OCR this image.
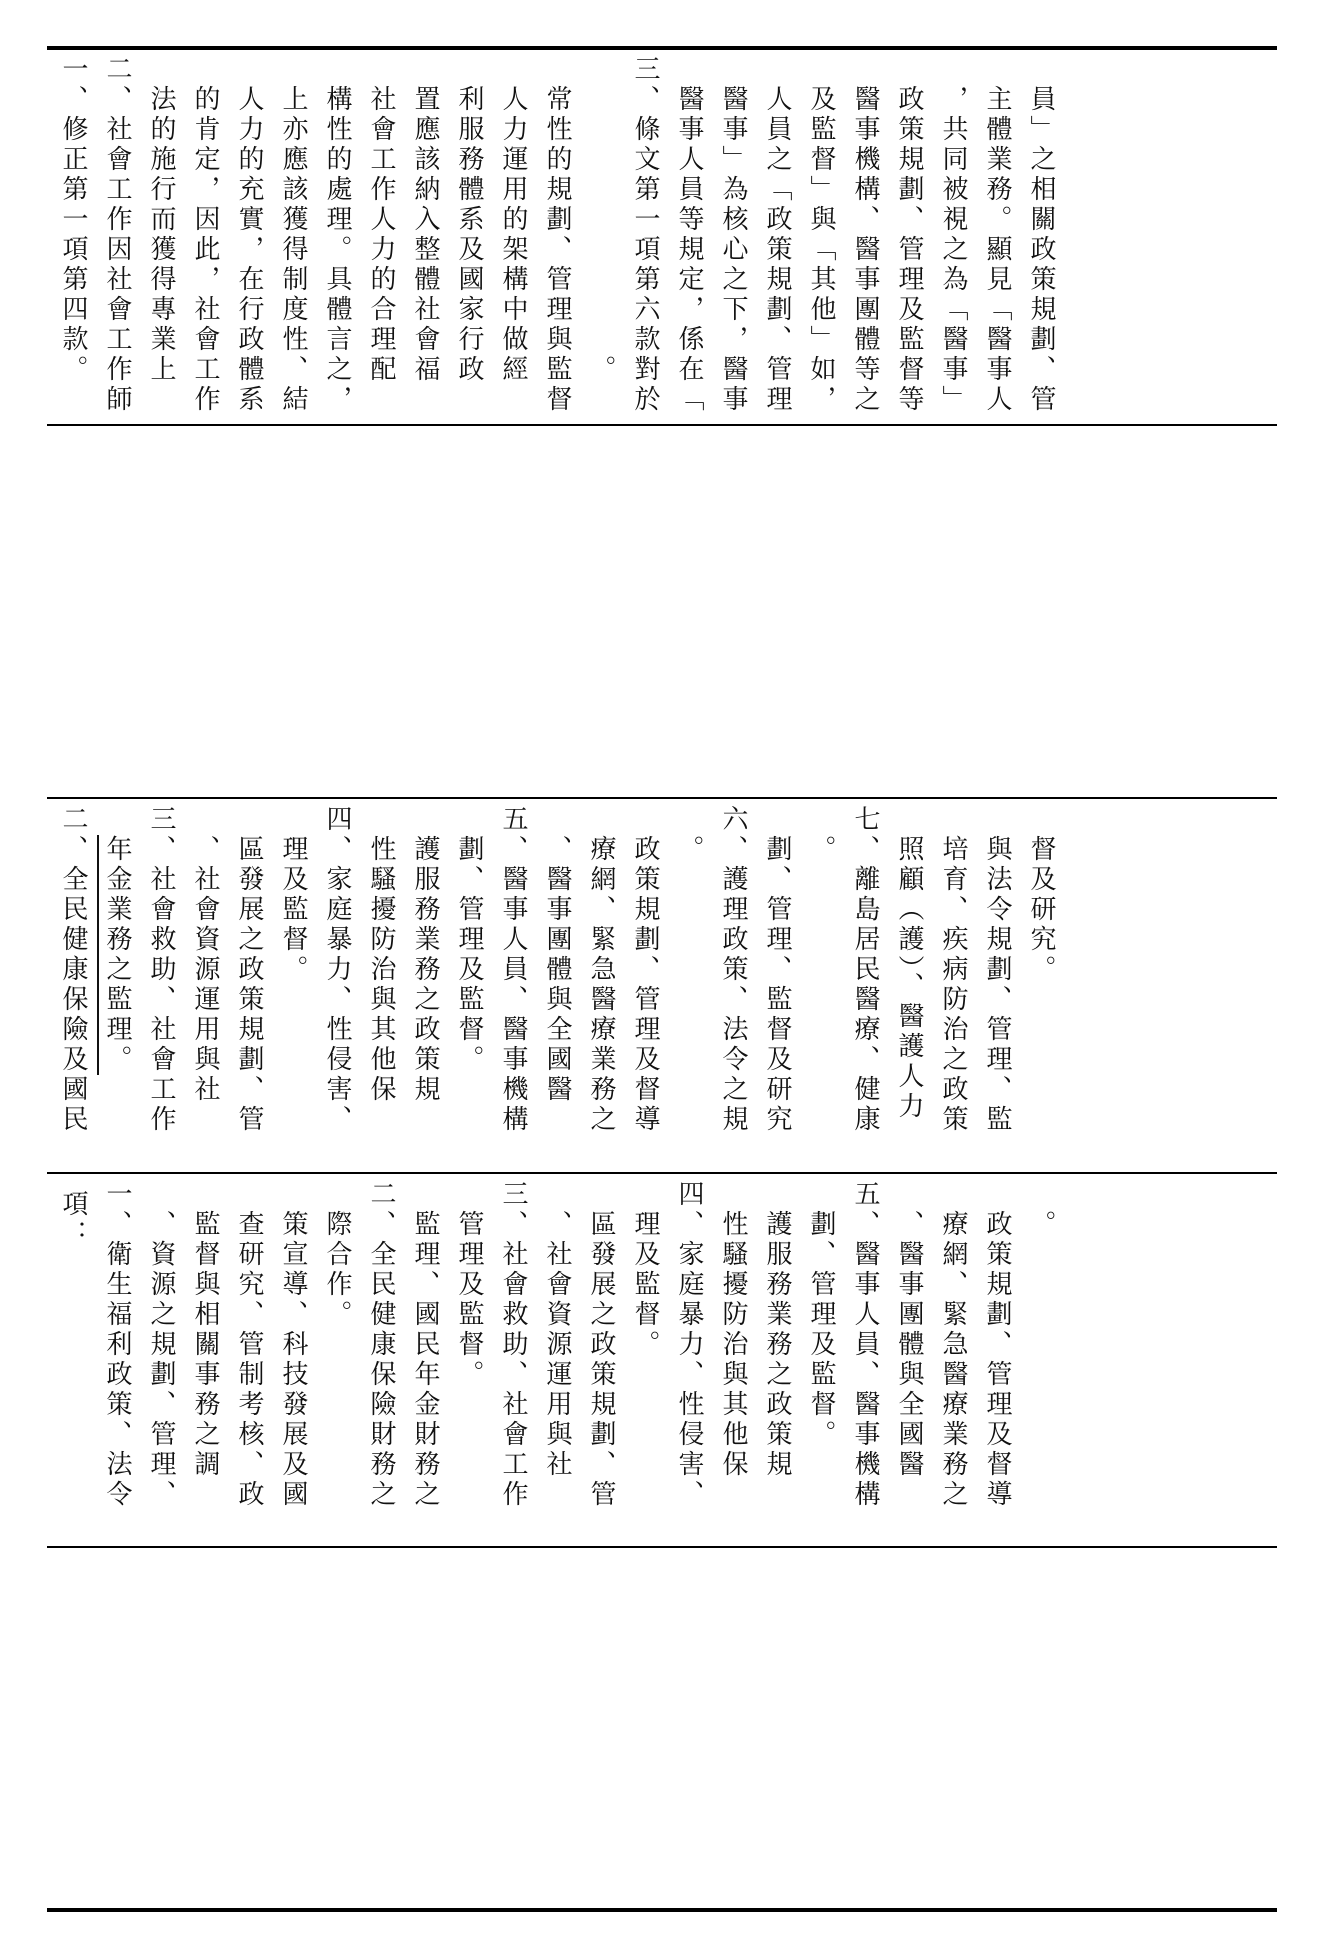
一、修正第一項第四款。 二、社會工作因社會工作師 法的施行而獲得專業上 的肯定，因此，社會工作 人力的充實，在行政體系 上亦應該獲得制度性、結 構性的處理。具體言之， 社會工作人力的合理配 置應該納入整體社會福 利服務體系及國家行政 人力運用的架構中做經 常性的規劃、管理與監督 。 三、條文第一項第六款對於 醫事人員等規定，係在「 醫事」為核心之下，醫事 人員之「政策規劃、管理 及監督」與「其他」如， 醫事機構、醫事團體等之 政策規劃、管理及監督等 ，共同被視之為「醫事」 主體業務。顯見「醫事人 員」之相關政策規劃、管
二、全民健康保險及國民 年金業務之監理。 三、社會救助、社會工作 、社會資源運用與社 區發展之政策規劃、管 理及監督。 四、家庭暴力、性侵害、 性騷擾防治與其他保 護服務業務之政策規 劃、管理及監督。 五、醫事人員、醫事機構 、醫事團體與全國醫 療網、緊急醫療業務之 政策規劃、管理及督導 。 六、護理政策、法令之規 劃、管理、監督及研究 。 七、離島居民醫療、健康 照顧（護）、醫護人力 培育、疾病防治之政策 與法令規劃、管理、監 督及研究。
項： 一、衛生福利政策、法令 、資源之規劃、管理、 監督與相關事務之調 查研究、管制考核、政 策宣導、科技發展及國 際合作。 二、全民健康保險財務之 監理、國民年金財務之 管理及監督。 三、社會救助、社會工作 、社會資源運用與社 區發展之政策規劃、管 理及監督。 四、家庭暴力、性侵害、 性騷擾防治與其他保 護服務業務之政策規 劃、管理及監督。 五、醫事人員、醫事機構 、醫事團體與全國醫 療網、緊急醫療業務之 政策規劃、管理及督導 。
